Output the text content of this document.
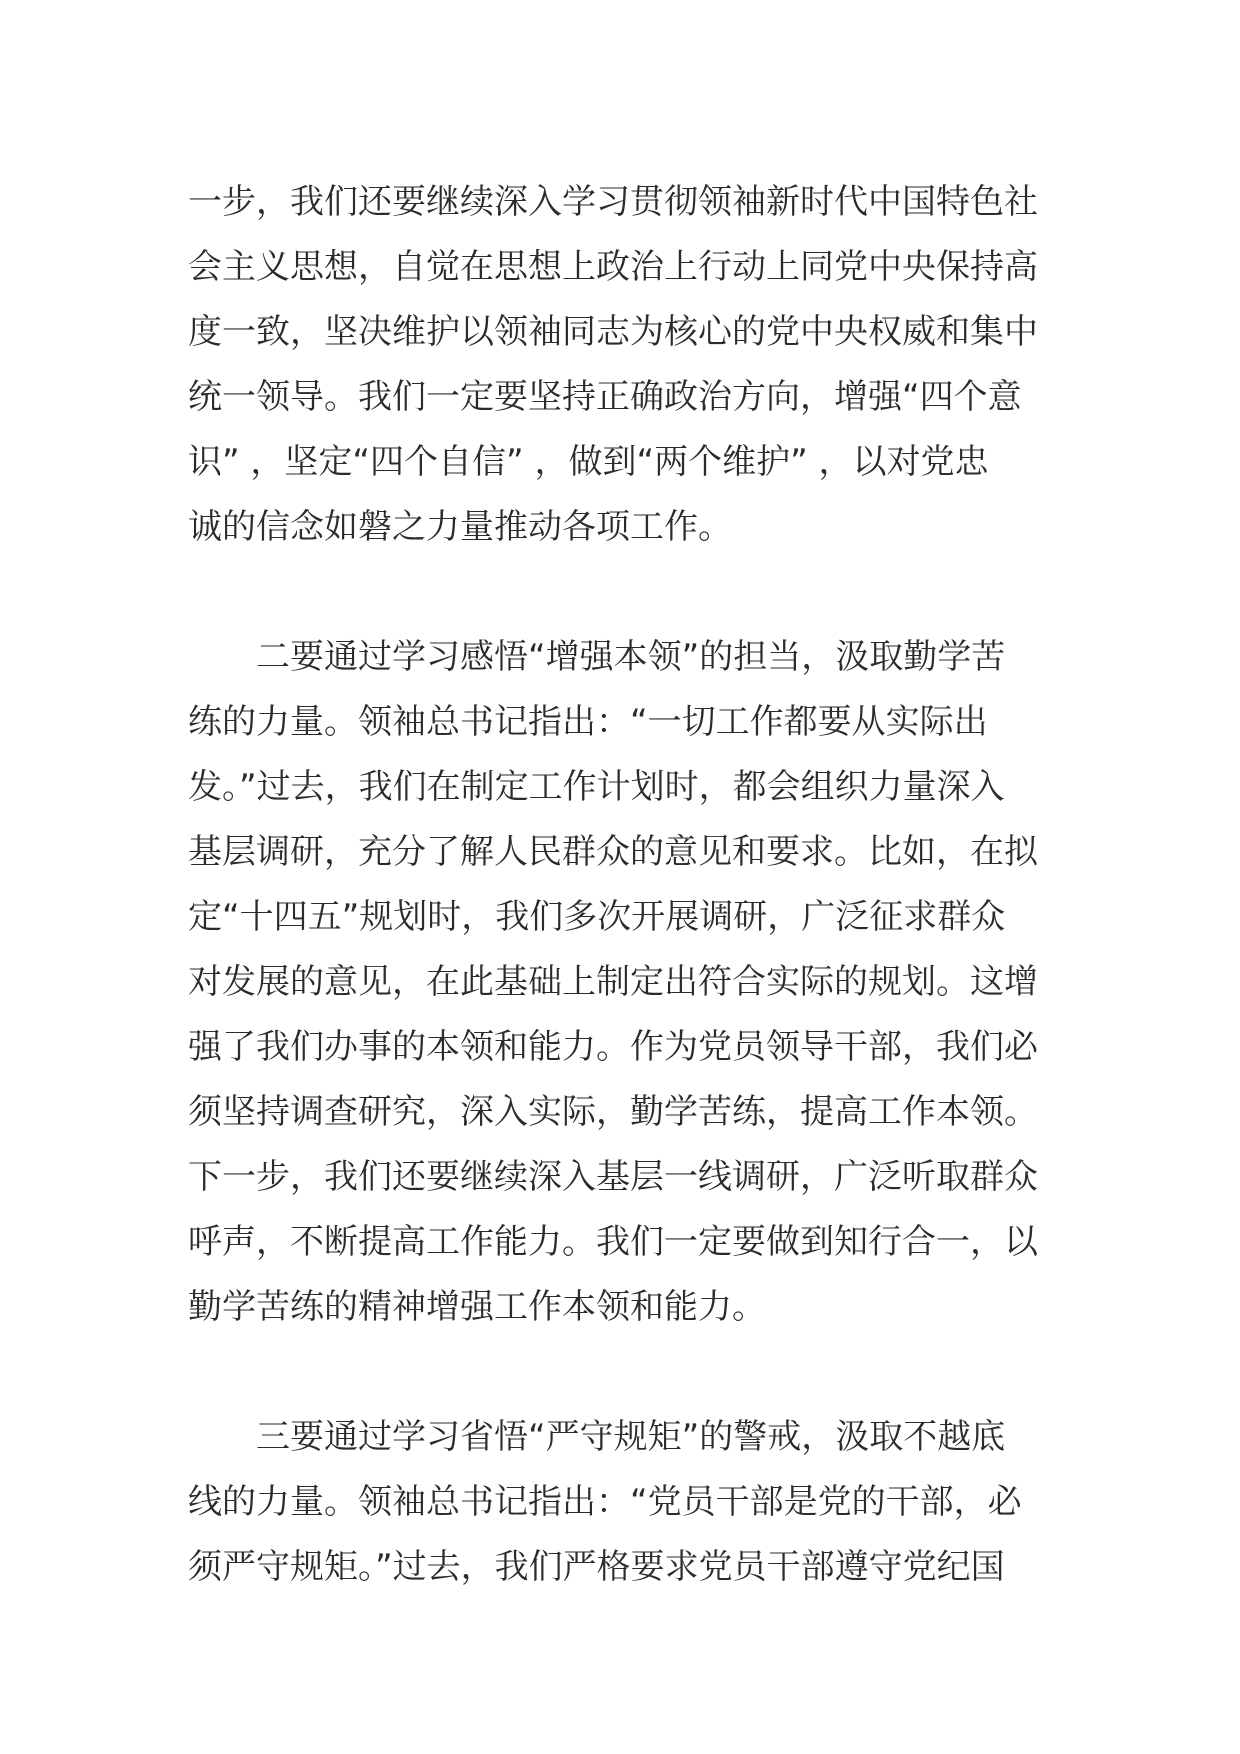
一步，我们还要继续深入学习贯彻领袖新时代中国特色社
会主义思想，自觉在思想上政治上行动上同党中央保持高
度一致，坚决维护以领袖同志为核心的党中央权威和集中
统一领导。我们一定要坚持正确政治方向，增强“四个意
识” ，坚定“四个自信” ，做到“两个维护” ，以对党忠
诚的信念如磐之力量推动各项工作。
二要通过学习感悟“增强本领”的担当，汲取勤学苦
练的力量。领袖总书记指出：“一切工作都要从实际出
发。”过去，我们在制定工作计划时，都会组织力量深入
基层调研，充分了解人民群众的意见和要求。比如，在拟
定“十四五”规划时，我们多次开展调研，广泛征求群众
对发展的意见，在此基础上制定出符合实际的规划。这增
强了我们办事的本领和能力。作为党员领导干部，我们必
须坚持调查研究，深入实际，勤学苦练，提高工作本领。
下一步，我们还要继续深入基层一线调研，广泛听取群众
呼声，不断提高工作能力。我们一定要做到知行合一，以
勤学苦练的精神增强工作本领和能力。
三要通过学习省悟“严守规矩”的警戒，汲取不越底
线的力量。领袖总书记指出：“党员干部是党的干部，必
须严守规矩。”过去，我们严格要求党员干部遵守党纪国
